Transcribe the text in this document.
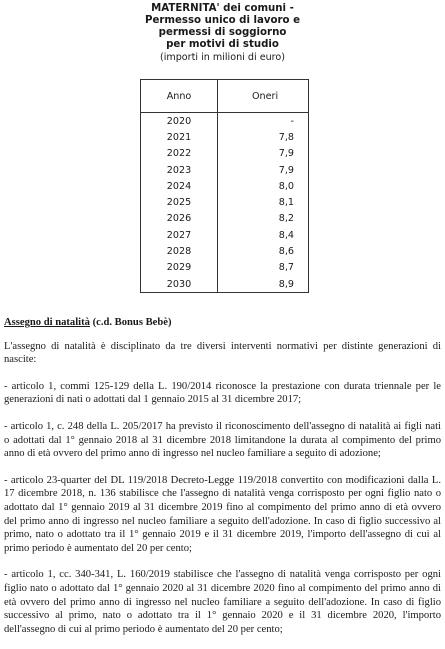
MATERNITA' dei comuni -
Permesso unico di lavoro e
permessi di soggiorno
per motivi di studio
(importi in milioni di euro)
Anno	Oneri
2020	-
2021	7,8
2022	7,9
2023	7,9
2024	8,0
2025	8,1
2026	8,2
2027	8,4
2028	8,6
2029	8,7
2030	8,9
Assegno di natalità (c.d. Bonus Bebè)

L'assegno di natalità è disciplinato da tre diversi interventi normativi per distinte generazioni di nascite:

- articolo 1, commi 125-129 della L. 190/2014 riconosce la prestazione con durata triennale per le generazioni di nati o adottati dal 1 gennaio 2015 al 31 dicembre 2017;

- articolo 1, c. 248 della L. 205/2017 ha previsto il riconoscimento dell'assegno di natalità ai figli nati o adottati dal 1° gennaio 2018 al 31 dicembre 2018 limitandone la durata al compimento del primo anno di età ovvero del primo anno di ingresso nel nucleo familiare a seguito di adozione;

- articolo 23-quarter del DL 119/2018 Decreto-Legge 119/2018 convertito con modificazioni dalla L. 17 dicembre 2018, n. 136 stabilisce che l'assegno di natalità venga corrisposto per ogni figlio nato o adottato dal 1° gennaio 2019 al 31 dicembre 2019 fino al compimento del primo anno di età ovvero del primo anno di ingresso nel nucleo familiare a seguito dell'adozione. In caso di figlio successivo al primo, nato o adottato tra il 1° gennaio 2019 e il 31 dicembre 2019, l'importo dell'assegno di cui al primo periodo è aumentato del 20 per cento;

- articolo 1, cc. 340-341, L. 160/2019 stabilisce che l'assegno di natalità venga corrisposto per ogni figlio nato o adottato dal 1° gennaio 2020 al 31 dicembre 2020 fino al compimento del primo anno di età ovvero del primo anno di ingresso nel nucleo familiare a seguito dell'adozione. In caso di figlio successivo al primo, nato o adottato tra il 1° gennaio 2020 e il 31 dicembre 2020, l'importo dell'assegno di cui al primo periodo è aumentato del 20 per cento;
